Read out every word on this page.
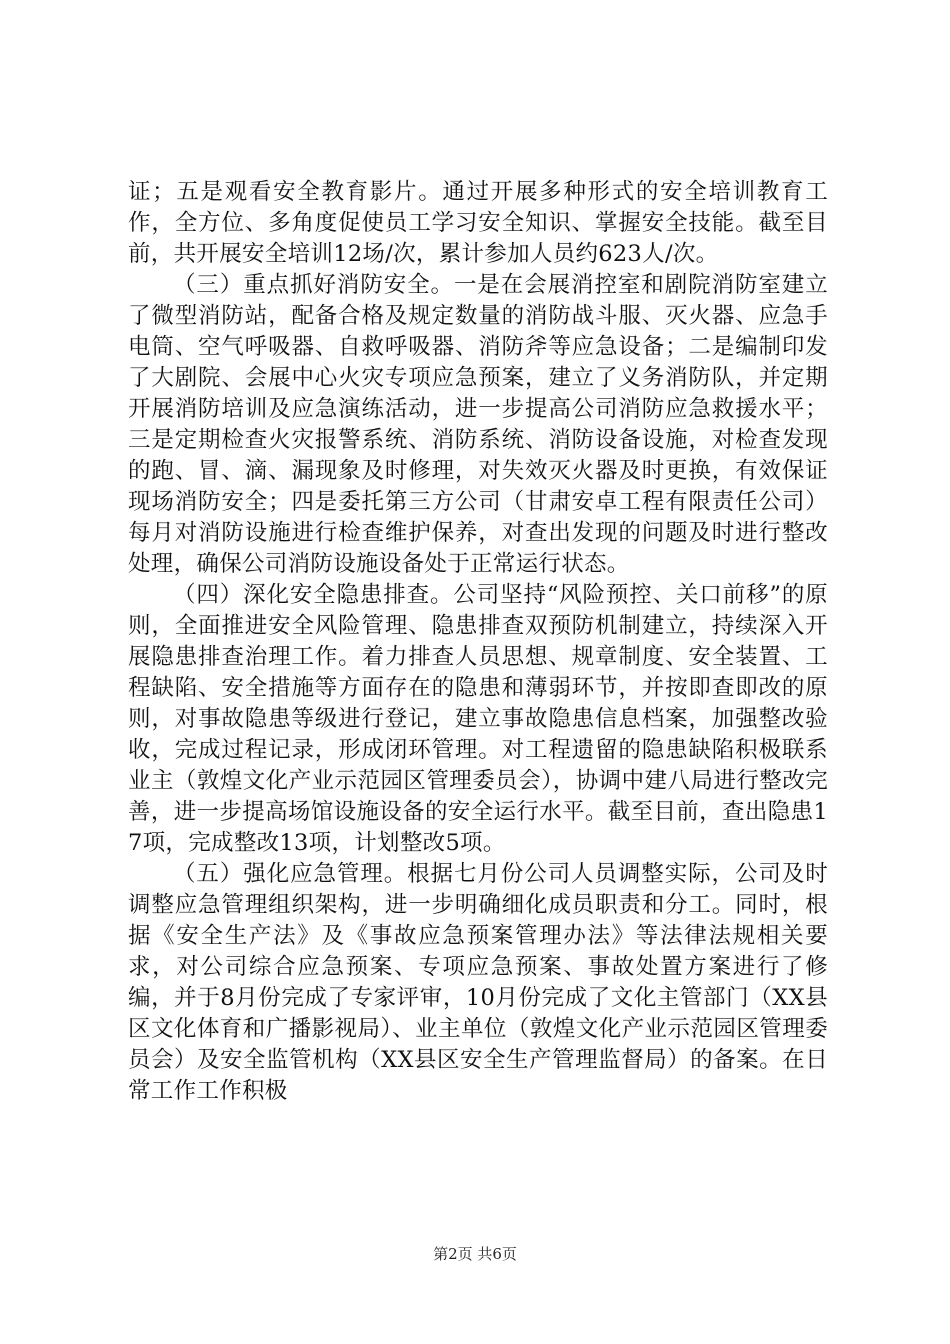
证；五是观看安全教育影片。通过开展多种形式的安全培训教育工作，全方位、多角度促使员工学习安全知识、掌握安全技能。截至目前，共开展安全培训12场/次，累计参加人员约623人/次。

（三）重点抓好消防安全。一是在会展消控室和剧院消防室建立了微型消防站，配备合格及规定数量的消防战斗服、灭火器、应急手电筒、空气呼吸器、自救呼吸器、消防斧等应急设备；二是编制印发了大剧院、会展中心火灾专项应急预案，建立了义务消防队，并定期开展消防培训及应急演练活动，进一步提高公司消防应急救援水平；三是定期检查火灾报警系统、消防系统、消防设备设施，对检查发现的跑、冒、滴、漏现象及时修理，对失效灭火器及时更换，有效保证现场消防安全；四是委托第三方公司（甘肃安卓工程有限责任公司）每月对消防设施进行检查维护保养，对查出发现的问题及时进行整改处理，确保公司消防设施设备处于正常运行状态。

（四）深化安全隐患排查。公司坚持“风险预控、关口前移”的原则，全面推进安全风险管理、隐患排查双预防机制建立，持续深入开展隐患排查治理工作。着力排查人员思想、规章制度、安全装置、工程缺陷、安全措施等方面存在的隐患和薄弱环节，并按即查即改的原则，对事故隐患等级进行登记，建立事故隐患信息档案，加强整改验收，完成过程记录，形成闭环管理。对工程遗留的隐患缺陷积极联系业主（敦煌文化产业示范园区管理委员会），协调中建八局进行整改完善，进一步提高场馆设施设备的安全运行水平。截至目前，查出隐患17项，完成整改13项，计划整改5项。

（五）强化应急管理。根据七月份公司人员调整实际，公司及时调整应急管理组织架构，进一步明确细化成员职责和分工。同时，根据《安全生产法》及《事故应急预案管理办法》等法律法规相关要求，对公司综合应急预案、专项应急预案、事故处置方案进行了修编，并于8月份完成了专家评审，10月份完成了文化主管部门（XX县区文化体育和广播影视局）、业主单位（敦煌文化产业示范园区管理委员会）及安全监管机构（XX县区安全生产管理监督局）的备案。在日常工作工作积极

第2页 共6页
